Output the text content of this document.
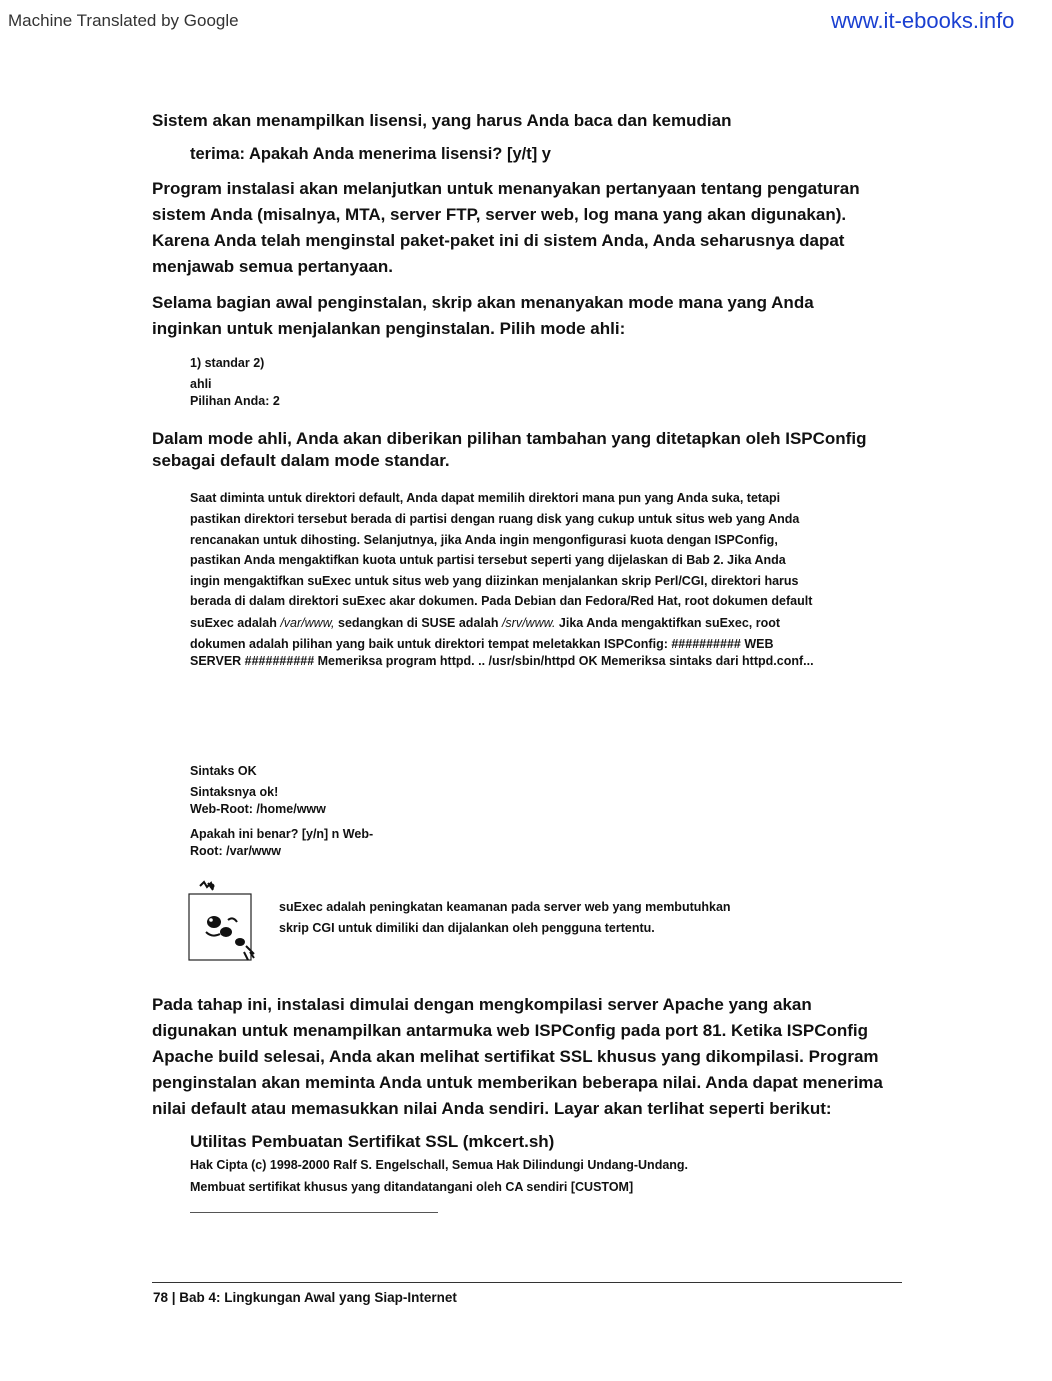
Machine Translated by Google	www.it-ebooks.info
Sistem akan menampilkan lisensi, yang harus Anda baca dan kemudian
terima: Apakah Anda menerima lisensi? [y/t] y
Program instalasi akan melanjutkan untuk menanyakan pertanyaan tentang pengaturan
sistem Anda (misalnya, MTA, server FTP, server web, log mana yang akan digunakan).
Karena Anda telah menginstal paket-paket ini di sistem Anda, Anda seharusnya dapat
menjawab semua pertanyaan.
Selama bagian awal penginstalan, skrip akan menanyakan mode mana yang Anda
inginkan untuk menjalankan penginstalan. Pilih mode ahli:
1) standar 2)
ahli
Pilihan Anda: 2
Dalam mode ahli, Anda akan diberikan pilihan tambahan yang ditetapkan oleh ISPConfig
sebagai default dalam mode standar.
Saat diminta untuk direktori default, Anda dapat memilih direktori mana pun yang Anda suka, tetapi
pastikan direktori tersebut berada di partisi dengan ruang disk yang cukup untuk situs web yang Anda
rencanakan untuk dihosting. Selanjutnya, jika Anda ingin mengonfigurasi kuota dengan ISPConfig,
pastikan Anda mengaktifkan kuota untuk partisi tersebut seperti yang dijelaskan di Bab 2. Jika Anda
ingin mengaktifkan suExec untuk situs web yang diizinkan menjalankan skrip Perl/CGI, direktori harus
berada di dalam direktori suExec akar dokumen. Pada Debian dan Fedora/Red Hat, root dokumen default
suExec adalah /var/www, sedangkan di SUSE adalah /srv/www. Jika Anda mengaktifkan suExec, root
dokumen adalah pilihan yang baik untuk direktori tempat meletakkan ISPConfig: ########## WEB
SERVER ########## Memeriksa program httpd. .. /usr/sbin/httpd OK Memeriksa sintaks dari httpd.conf...
Sintaks OK
Sintaksnya ok!
Web-Root: /home/www
Apakah ini benar? [y/n] n Web-
Root: /var/www
suExec adalah peningkatan keamanan pada server web yang membutuhkan
skrip CGI untuk dimiliki dan dijalankan oleh pengguna tertentu.
Pada tahap ini, instalasi dimulai dengan mengkompilasi server Apache yang akan
digunakan untuk menampilkan antarmuka web ISPConfig pada port 81. Ketika ISPConfig
Apache build selesai, Anda akan melihat sertifikat SSL khusus yang dikompilasi. Program
penginstalan akan meminta Anda untuk memberikan beberapa nilai. Anda dapat menerima
nilai default atau memasukkan nilai Anda sendiri. Layar akan terlihat seperti berikut:
Utilitas Pembuatan Sertifikat SSL (mkcert.sh)
Hak Cipta (c) 1998-2000 Ralf S. Engelschall, Semua Hak Dilindungi Undang-Undang.
Membuat sertifikat khusus yang ditandatangani oleh CA sendiri [CUSTOM]
78 | Bab 4: Lingkungan Awal yang Siap-Internet
